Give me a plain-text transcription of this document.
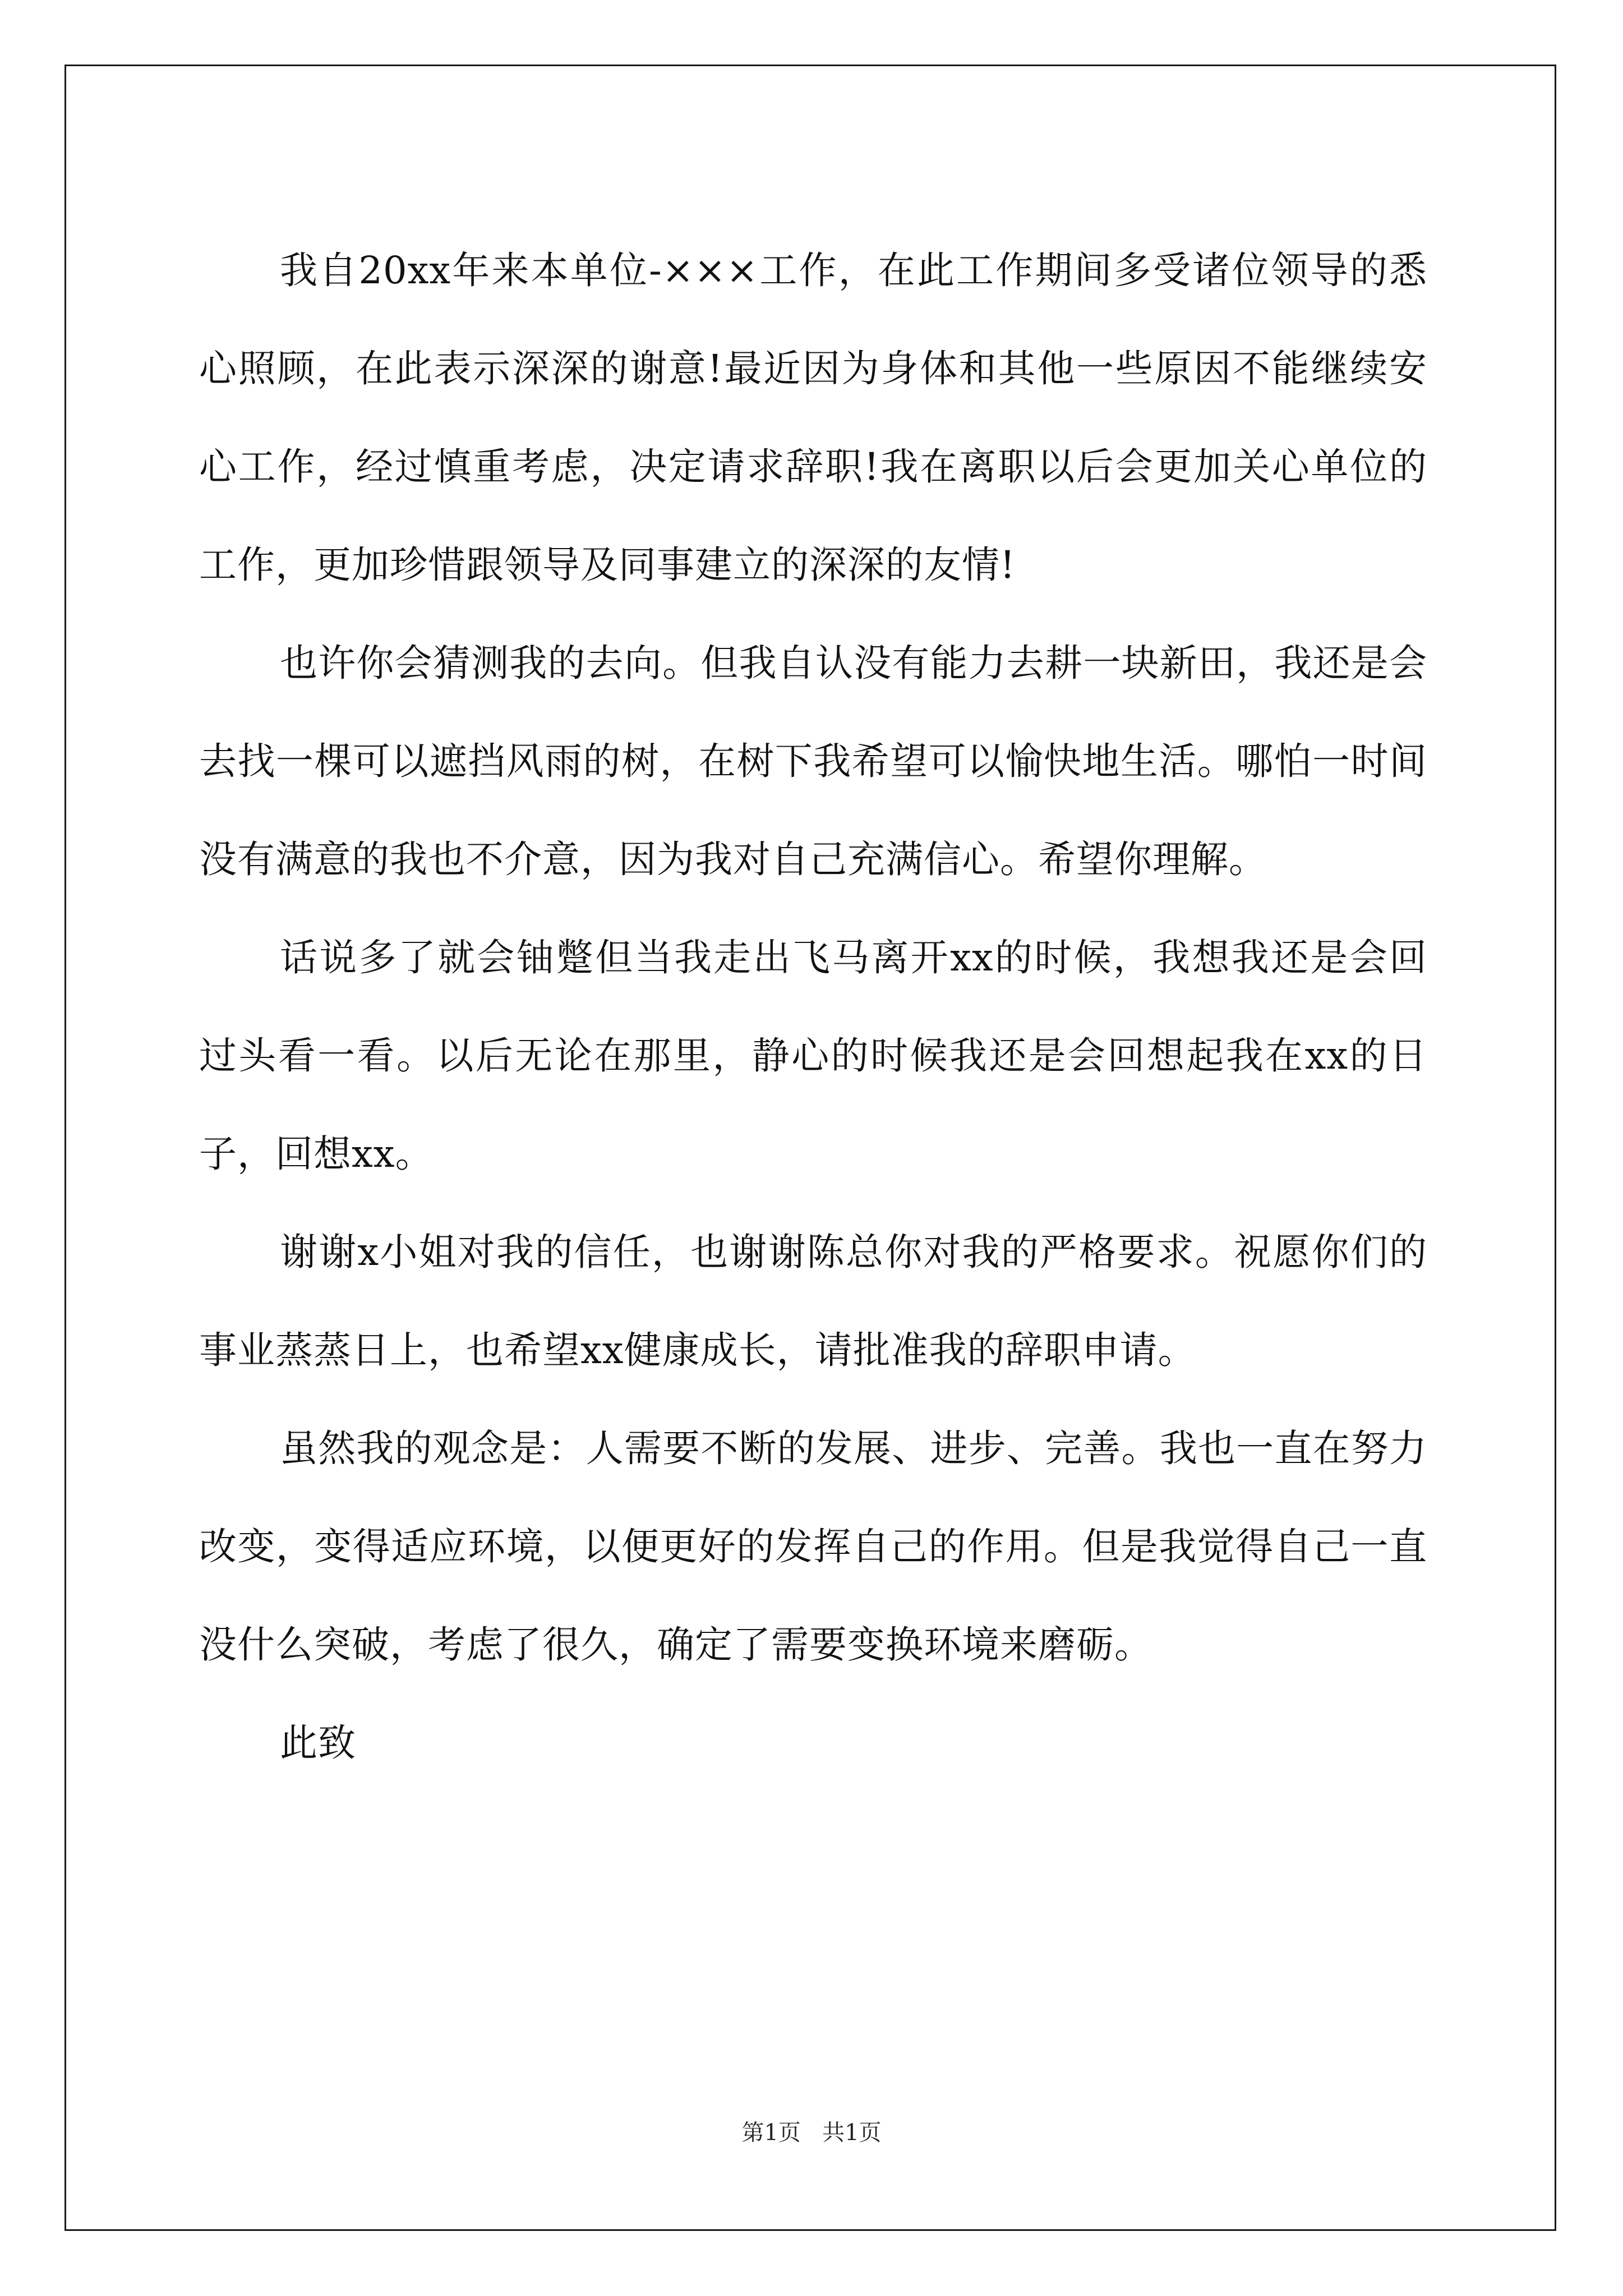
我自20xx年来本单位-×××工作，在此工作期间多受诸位领导的悉心照顾，在此表示深深的谢意!最近因为身体和其他一些原因不能继续安心工作，经过慎重考虑，决定请求辞职!我在离职以后会更加关心单位的工作，更加珍惜跟领导及同事建立的深深的友情!

也许你会猜测我的去向。但我自认没有能力去耕一块新田，我还是会去找一棵可以遮挡风雨的树，在树下我希望可以愉快地生活。哪怕一时间没有满意的我也不介意，因为我对自己充满信心。希望你理解。

话说多了就会铀蹩但当我走出飞马离开xx的时候，我想我还是会回过头看一看。以后无论在那里，静心的时候我还是会回想起我在xx的日子，回想xx。

谢谢x小姐对我的信任，也谢谢陈总你对我的严格要求。祝愿你们的事业蒸蒸日上，也希望xx健康成长，请批准我的辞职申请。

虽然我的观念是：人需要不断的发展、进步、完善。我也一直在努力改变，变得适应环境，以便更好的发挥自己的作用。但是我觉得自己一直没什么突破，考虑了很久，确定了需要变换环境来磨砺。

此致

第1页 共1页
